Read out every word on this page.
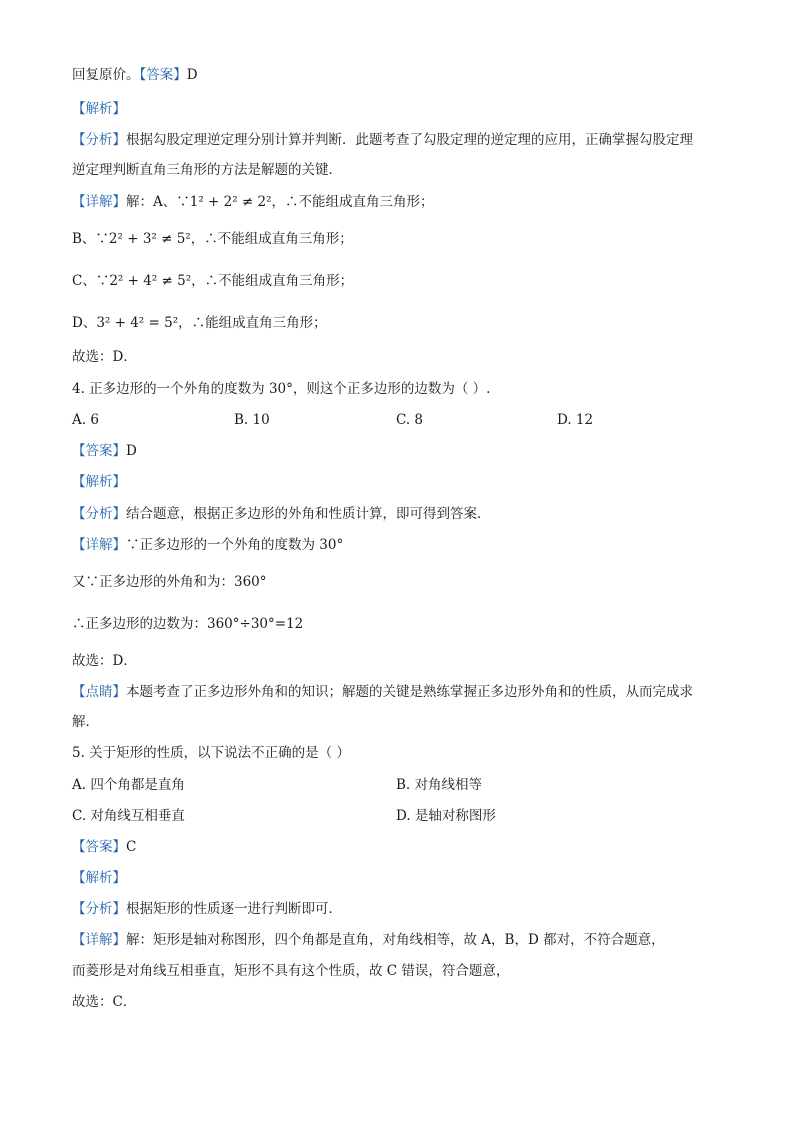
回复原价。【答案】D
【解析】
【分析】根据勾股定理逆定理分别计算并判断．此题考查了勾股定理的逆定理的应用，正确掌握勾股定理
逆定理判断直角三角形的方法是解题的关键．
【详解】解：A、∵1² + 2² ≠ 2²，∴不能组成直角三角形；
B、∵2² + 3² ≠ 5²，∴不能组成直角三角形；
C、∵2² + 4² ≠ 5²，∴不能组成直角三角形；
D、3² + 4² = 5²，∴能组成直角三角形；
故选：D．
4. 正多边形的一个外角的度数为 30°，则这个正多边形的边数为（ ）.
A. 6	B. 10	C. 8	D. 12
【答案】D
【解析】
【分析】结合题意，根据正多边形的外角和性质计算，即可得到答案．
【详解】∵正多边形的一个外角的度数为 30°
又∵正多边形的外角和为：360°
∴正多边形的边数为：360°÷30°=12
故选：D．
【点睛】本题考查了正多边形外角和的知识；解题的关键是熟练掌握正多边形外角和的性质，从而完成求
解．
5. 关于矩形的性质，以下说法不正确的是（ ）
A. 四个角都是直角	B. 对角线相等
C. 对角线互相垂直	D. 是轴对称图形
【答案】C
【解析】
【分析】根据矩形的性质逐一进行判断即可．
【详解】解：矩形是轴对称图形，四个角都是直角，对角线相等，故 A，B，D 都对，不符合题意，
而菱形是对角线互相垂直，矩形不具有这个性质，故 C 错误，符合题意，
故选：C．
